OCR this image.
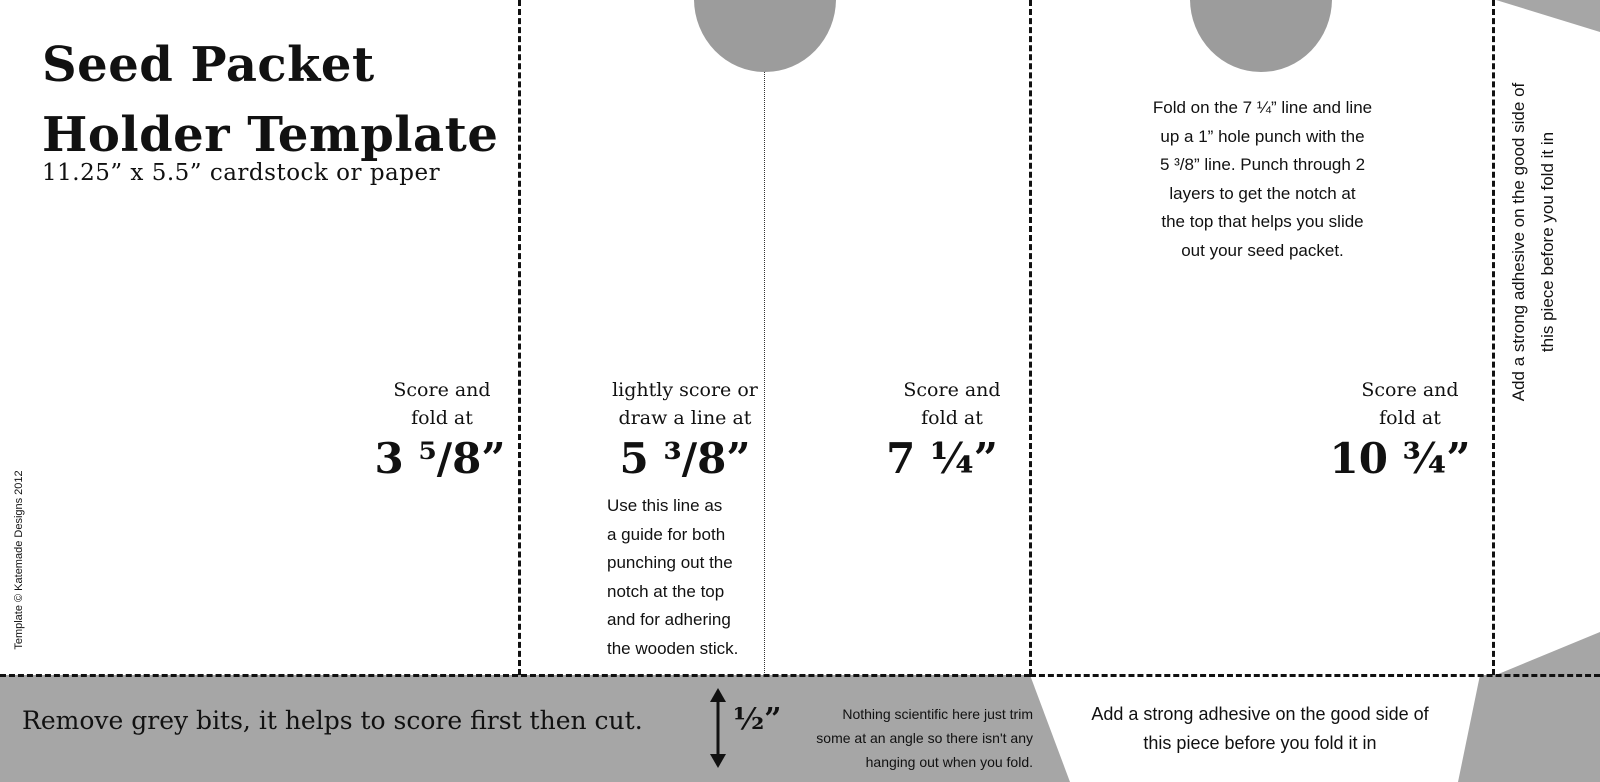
Seed Packet
Holder Template
11.25” x 5.5” cardstock or paper
Template © Katemade Designs 2012
Score and
fold at
3 ⁵/8”
lightly score or
draw a line at
5 ³/8”
Score and
fold at
7 ¼”
Score and
fold at
10 ¾”
Use this line as
a guide for both
punching out the
notch at the top
and for adhering
the wooden stick.
Fold on the 7 ¼” line and line
up a 1” hole punch with the
5 ³/8” line. Punch through 2
layers to get the notch at
the top that helps you slide
out your seed packet.
Add a strong adhesive on the good side of
this piece before you fold it in
Remove grey bits, it helps to score first then cut.	½”	Nothing scientific here just trim
some at an angle so there isn't any
hanging out when you fold.
Add a strong adhesive on the good side of
this piece before you fold it in
